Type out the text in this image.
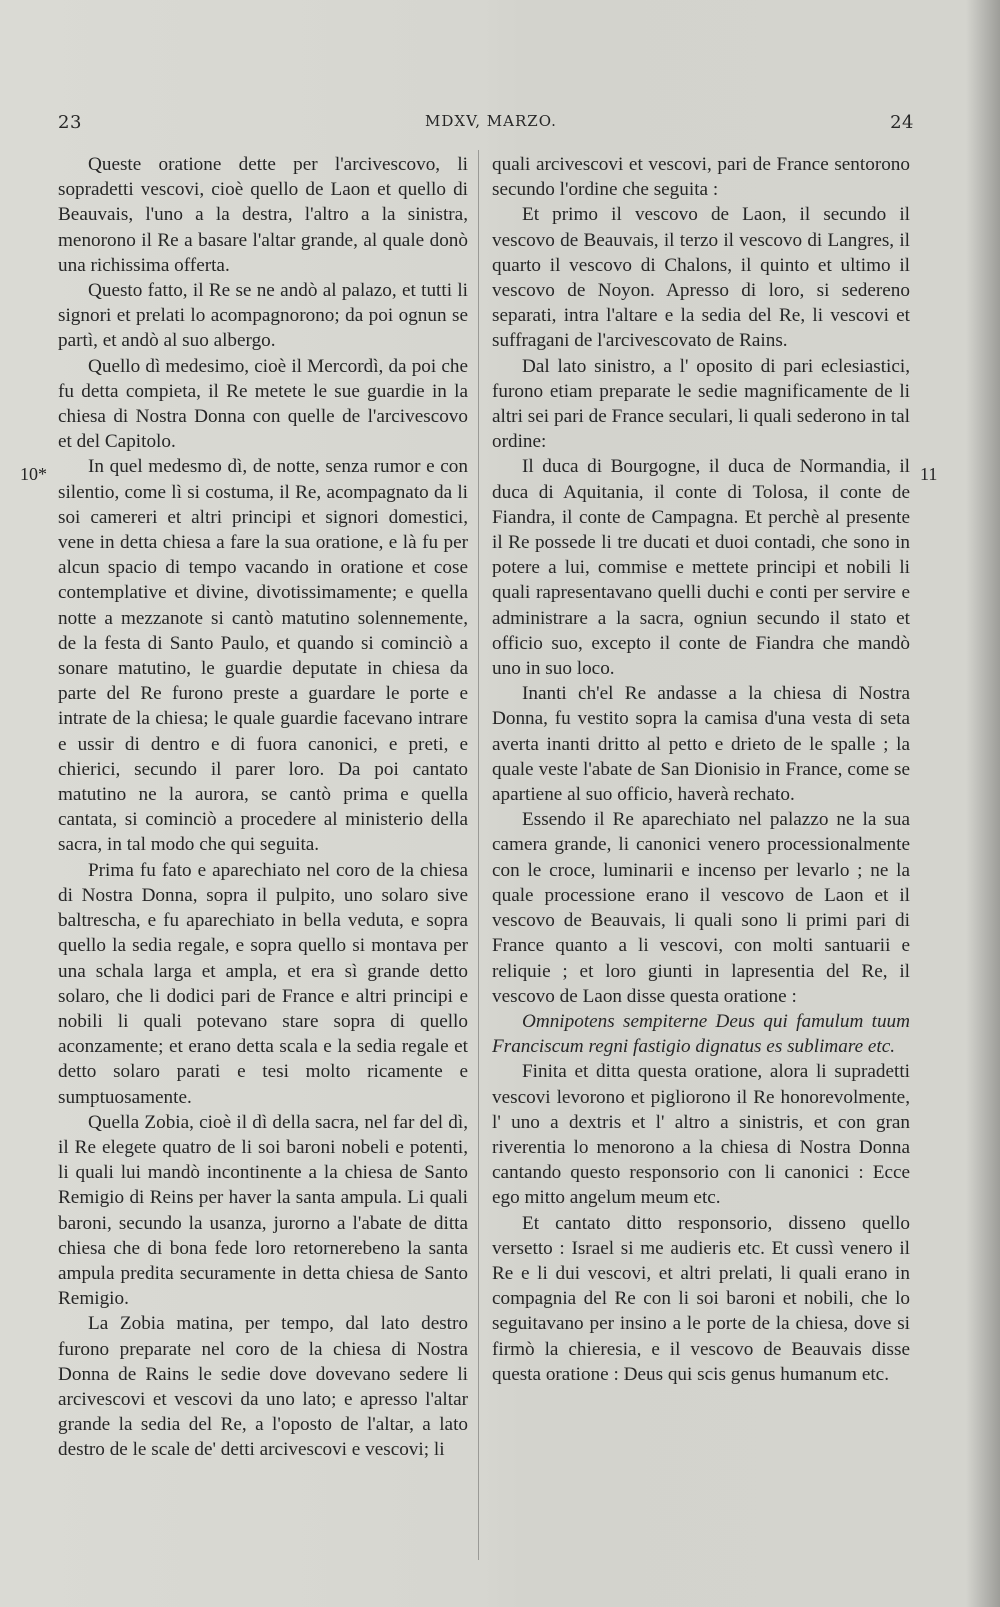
23	MDXV, MARZO.	24
10*	11

Queste oratione dette per l'arcivescovo, li sopradetti vescovi, cioè quello de Laon et quello di Beauvais, l'uno a la destra, l'altro a la sinistra, menorono il Re a basare l'altar grande, al quale donò una richissima offerta.

Questo fatto, il Re se ne andò al palazo, et tutti li signori et prelati lo acompagnorono; da poi ognun se partì, et andò al suo albergo.

Quello dì medesimo, cioè il Mercordì, da poi che fu detta compieta, il Re metete le sue guardie in la chiesa di Nostra Donna con quelle de l'arcivescovo et del Capitolo.

In quel medesmo dì, de notte, senza rumor e con silentio, come lì si costuma, il Re, acompagnato da li soi camereri et altri principi et signori domestici, vene in detta chiesa a fare la sua oratione, e là fu per alcun spacio di tempo vacando in oratione et cose contemplative et divine, divotissimamente; e quella notte a mezzanote si cantò matutino solennemente, de la festa di Santo Paulo, et quando si cominciò a sonare matutino, le guardie deputate in chiesa da parte del Re furono preste a guardare le porte e intrate de la chiesa; le quale guardie facevano intrare e ussir di dentro e di fuora canonici, e preti, e chierici, secundo il parer loro. Da poi cantato matutino ne la aurora, se cantò prima e quella cantata, si cominciò a procedere al ministerio della sacra, in tal modo che qui seguita.

Prima fu fato e aparechiato nel coro de la chiesa di Nostra Donna, sopra il pulpito, uno solaro sive baltrescha, e fu aparechiato in bella veduta, e sopra quello la sedia regale, e sopra quello si montava per una schala larga et ampla, et era sì grande detto solaro, che li dodici pari de France e altri principi e nobili li quali potevano stare sopra di quello aconzamente; et erano detta scala e la sedia regale et detto solaro parati e tesi molto ricamente e sumptuosamente.

Quella Zobia, cioè il dì della sacra, nel far del dì, il Re elegete quatro de li soi baroni nobeli e potenti, li quali lui mandò incontinente a la chiesa de Santo Remigio di Reins per haver la santa ampula. Li quali baroni, secundo la usanza, jurorno a l'abate de ditta chiesa che di bona fede loro retornerebeno la santa ampula predita securamente in detta chiesa de Santo Remigio.

La Zobia matina, per tempo, dal lato destro furono preparate nel coro de la chiesa di Nostra Donna de Rains le sedie dove dovevano sedere li arcivescovi et vescovi da uno lato; e apresso l'altar grande la sedia del Re, a l'oposto de l'altar, a lato destro de le scale de' detti arcivescovi e vescovi; li

quali arcivescovi et vescovi, pari de France sentorono secundo l'ordine che seguita :

Et primo il vescovo de Laon, il secundo il vescovo de Beauvais, il terzo il vescovo di Langres, il quarto il vescovo di Chalons, il quinto et ultimo il vescovo de Noyon. Apresso di loro, si sedereno separati, intra l'altare e la sedia del Re, li vescovi et suffragani de l'arcivescovato de Rains.

Dal lato sinistro, a l' oposito di pari eclesiastici, furono etiam preparate le sedie magnificamente de li altri sei pari de France seculari, li quali sederono in tal ordine:

Il duca di Bourgogne, il duca de Normandia, il duca di Aquitania, il conte di Tolosa, il conte de Fiandra, il conte de Campagna. Et perchè al presente il Re possede li tre ducati et duoi contadi, che sono in potere a lui, commise e mettete principi et nobili li quali rapresentavano quelli duchi e conti per servire e administrare a la sacra, ogniun secundo il stato et officio suo, excepto il conte de Fiandra che mandò uno in suo loco.

Inanti ch'el Re andasse a la chiesa di Nostra Donna, fu vestito sopra la camisa d'una vesta di seta averta inanti dritto al petto e drieto de le spalle ; la quale veste l'abate de San Dionisio in France, come se apartiene al suo officio, haverà rechato.

Essendo il Re aparechiato nel palazzo ne la sua camera grande, li canonici venero processionalmente con le croce, luminarii e incenso per levarlo ; ne la quale processione erano il vescovo de Laon et il vescovo de Beauvais, li quali sono li primi pari di France quanto a li vescovi, con molti santuarii e reliquie ; et loro giunti in lapresentia del Re, il vescovo de Laon disse questa oratione :

Omnipotens sempiterne Deus qui famulum tuum Franciscum regni fastigio dignatus es sublimare etc.

Finita et ditta questa oratione, alora li supradetti vescovi levorono et pigliorono il Re honorevolmente, l' uno a dextris et l' altro a sinistris, et con gran riverentia lo menorono a la chiesa di Nostra Donna cantando questo responsorio con li canonici : Ecce ego mitto angelum meum etc.

Et cantato ditto responsorio, disseno quello versetto : Israel si me audieris etc. Et cussì venero il Re e li dui vescovi, et altri prelati, li quali erano in compagnia del Re con li soi baroni et nobili, che lo seguitavano per insino a le porte de la chiesa, dove si firmò la chieresia, e il vescovo de Beauvais disse questa oratione : Deus qui scis genus humanum etc.
